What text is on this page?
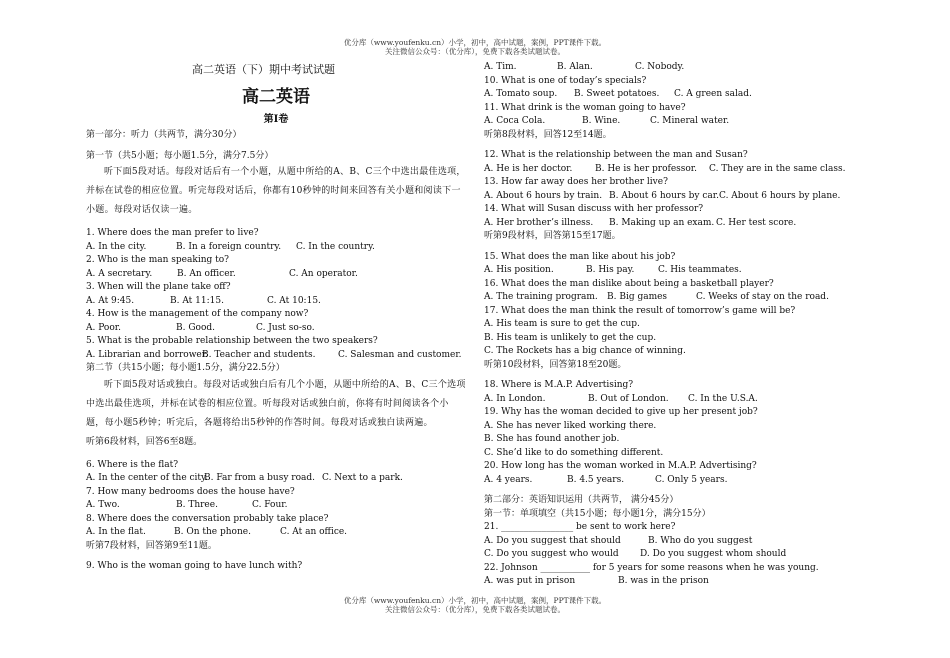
优分库（www.youfenku.cn）小学，初中，高中试题，案例，PPT课件下载。
关注微信公众号：（优分库），免费下载各类试题试卷。
高二英语（下）期中考试试题
高二英语
第Ⅰ卷
第一部分：听力（共两节，满分30分）
第一节（共5小题；每小题1.5分，满分7.5分）
听下面5段对话。每段对话后有一个小题，从题中所给的A、B、C三个中选出最佳选项，并标在试卷的相应位置。听完每段对话后，你都有10秒钟的时间来回答有关小题和阅读下一小题。每段对话仅读一遍。
1. Where does the man prefer to live?
A. In the city.	B. In a foreign country.	C. In the country.
2. Who is the man speaking to?
A. A secretary.	B. An officer.	C. An operator.
3. When will the plane take off?
A. At 9:45.	B. At 11:15.	C. At 10:15.
4. How is the management of the company now?
A. Poor.	B. Good.	C. Just so-so.
5. What is the probable relationship between the two speakers?
A. Librarian and borrower.
B. Teacher and students.	C. Salesman and customer.
第二节（共15小题；每小题1.5分，满分22.5分）
听下面5段对话或独白。每段对话或独白后有几个小题，从题中所给的A、B、C三个选项中选出最佳选项，并标在试卷的相应位置。听每段对话或独白前，你将有时间阅读各个小题，每小题5秒钟；听完后，各题将给出5秒钟的作答时间。每段对话或独白读两遍。
听第6段材料，回答6至8题。
6. Where is the flat?
A. In the center of the city.
B. Far from a busy road. C. Next to a park.
7. How many bedrooms does the house have?
A. Two.	B. Three.	C. Four.
8. Where does the conversation probably take place?
A. In the flat.	B. On the phone.	C. At an office.
听第7段材料，回答第9至11题。
9. Who is the woman going to have lunch with?
A. Tim.	B. Alan.	C. Nobody.
10. What is one of today’s specials?
A. Tomato soup.	B. Sweet potatoes.	C. A green salad.
11. What drink is the woman going to have?
A. Coca Cola.	B. Wine.	C. Mineral water.
听第8段材料，回答12至14题。
12. What is the relationship between the man and Susan?
A. He is her doctor.	B. He is her professor.	C. They are in the same class.
13. How far away does her brother live?
A. About 6 hours by train. B. About 6 hours by car. C. About 6 hours by plane.
14. What will Susan discuss with her professor?
A. Her brother’s illness.	B. Making up an exam. C. Her test score.
听第9段材料，回答第15至17题。
15. What does the man like about his job?
A. His position.	B. His pay.	C. His teammates.
16. What does the man dislike about being a basketball player?
A. The training program.	B. Big games	C. Weeks of stay on the road.
17. What does the man think the result of tomorrow’s game will be?
A. His team is sure to get the cup.
B. His team is unlikely to get the cup.
C. The Rockets has a big chance of winning.
听第10段材料，回答第18至20题。
18. Where is M.A.P. Advertising?
A. In London.	B. Out of London.	C. In the U.S.A.
19. Why has the woman decided to give up her present job?
A. She has never liked working there.
B. She has found another job.
C. She’d like to do something different.
20. How long has the woman worked in M.A.P. Advertising?
A. 4 years.	B. 4.5 years.	C. Only 5 years.
第二部分：英语知识运用（共两节， 满分45分）
第一节：单项填空（共15小题；每小题1分，满分15分）
21. ________________ be sent to work here?
A. Do you suggest that should	B. Who do you suggest
C. Do you suggest who would	D. Do you suggest whom should
22. Johnson ___________ for 5 years for some reasons when he was young.
A. was put in prison	B. was in the prison
优分库（www.youfenku.cn）小学，初中，高中试题，案例，PPT课件下载。
关注微信公众号：（优分库），免费下载各类试题试卷。
